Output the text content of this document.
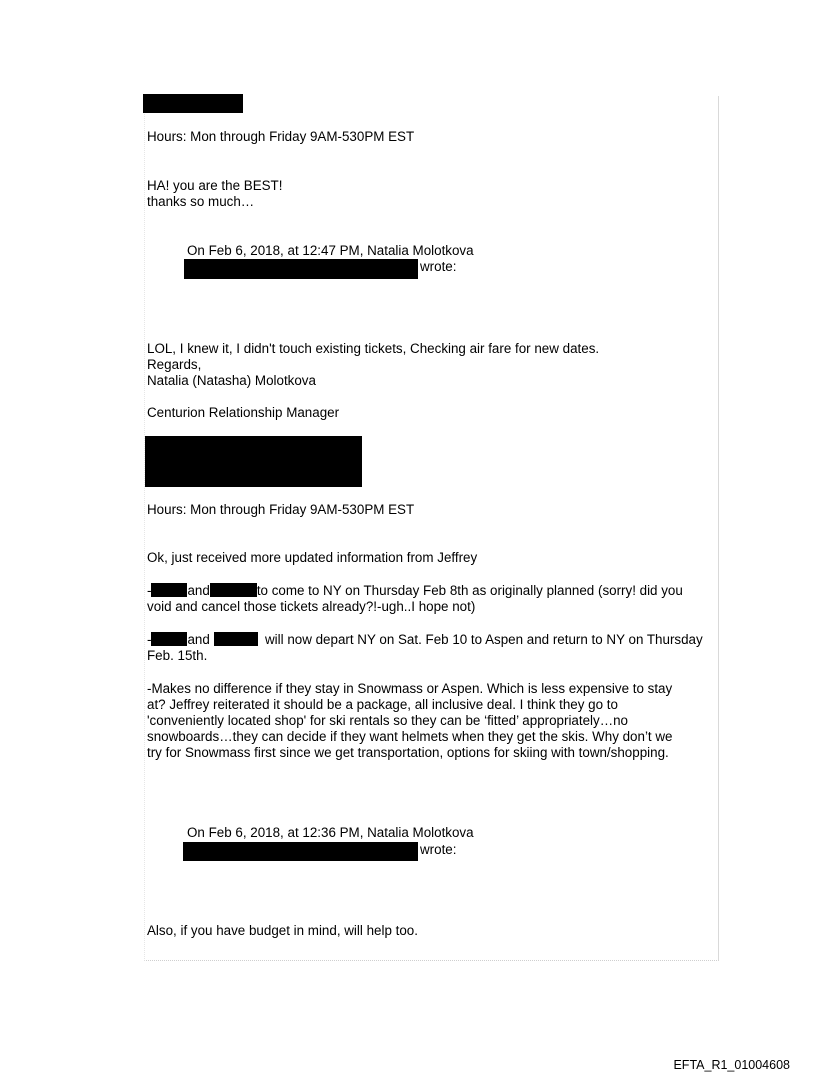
Hours: Mon through Friday 9AM-530PM EST
HA! you are the BEST!
thanks so much…
On Feb 6, 2018, at 12:47 PM, Natalia Molotkova
wrote:
LOL, I knew it, I didn't touch existing tickets, Checking air fare for new dates.
Regards,
Natalia (Natasha) Molotkova
Centurion Relationship Manager
Hours: Mon through Friday 9AM-530PM EST
Ok, just received more updated information from Jeffrey
-	and	to come to NY on Thursday Feb 8th as originally planned (sorry! did you
void and cancel those tickets already?!-ugh..I hope not)
-	and	will now depart NY on Sat. Feb 10 to Aspen and return to NY on Thursday
Feb. 15th.
-Makes no difference if they stay in Snowmass or Aspen. Which is less expensive to stay
at? Jeffrey reiterated it should be a package, all inclusive deal. I think they go to
'conveniently located shop' for ski rentals so they can be ‘fitted’ appropriately…no
snowboards…they can decide if they want helmets when they get the skis. Why don’t we
try for Snowmass first since we get transportation, options for skiing with town/shopping.
On Feb 6, 2018, at 12:36 PM, Natalia Molotkova
wrote:
Also, if you have budget in mind, will help too.
EFTA_R1_01004608
